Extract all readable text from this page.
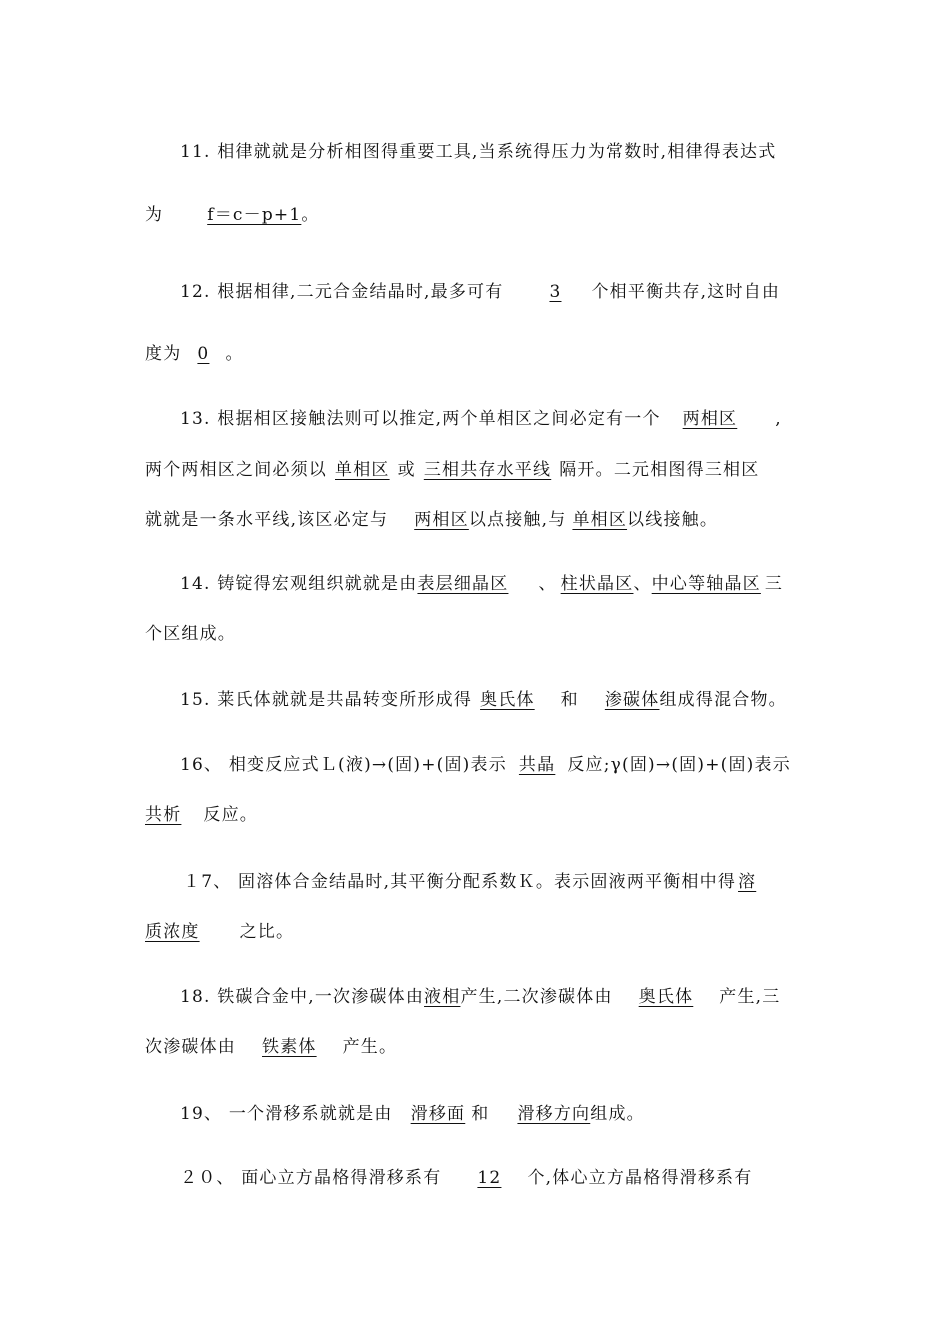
11. 相律就就是分析相图得重要工具,当系统得压力为常数时,相律得表达式
为	f＝c－p+1。
12. 根据相律,二元合金结晶时,最多可有	3 个相平衡共存,这时自由
度为 0 。
13. 根据相区接触法则可以推定,两个单相区之间必定有一个 两相区 ,
两个两相区之间必须以 单相区 或 三相共存水平线 隔开。二元相图得三相区
就就是一条水平线,该区必定与 两相区以点接触,与 单相区以线接触。
14. 铸锭得宏观组织就就是由表层细晶区 、 柱状晶区、中心等轴晶区 三
个区组成。
15. 莱氏体就就是共晶转变所形成得 奥氏体 和 渗碳体组成得混合物。
16、 相变反应式Ｌ(液)→(固)+(固)表示 共晶 反应;γ(固)→(固)+(固)表示
共析 反应。
１7、 固溶体合金结晶时,其平衡分配系数Ｋ。表示固液两平衡相中得 溶
质浓度 之比。
18. 铁碳合金中,一次渗碳体由液相产生,二次渗碳体由 奥氏体 产生,三
次渗碳体由 铁素体 产生。
19、 一个滑移系就就是由 滑移面 和 滑移方向组成。
２０、 面心立方晶格得滑移系有 12 个,体心立方晶格得滑移系有
